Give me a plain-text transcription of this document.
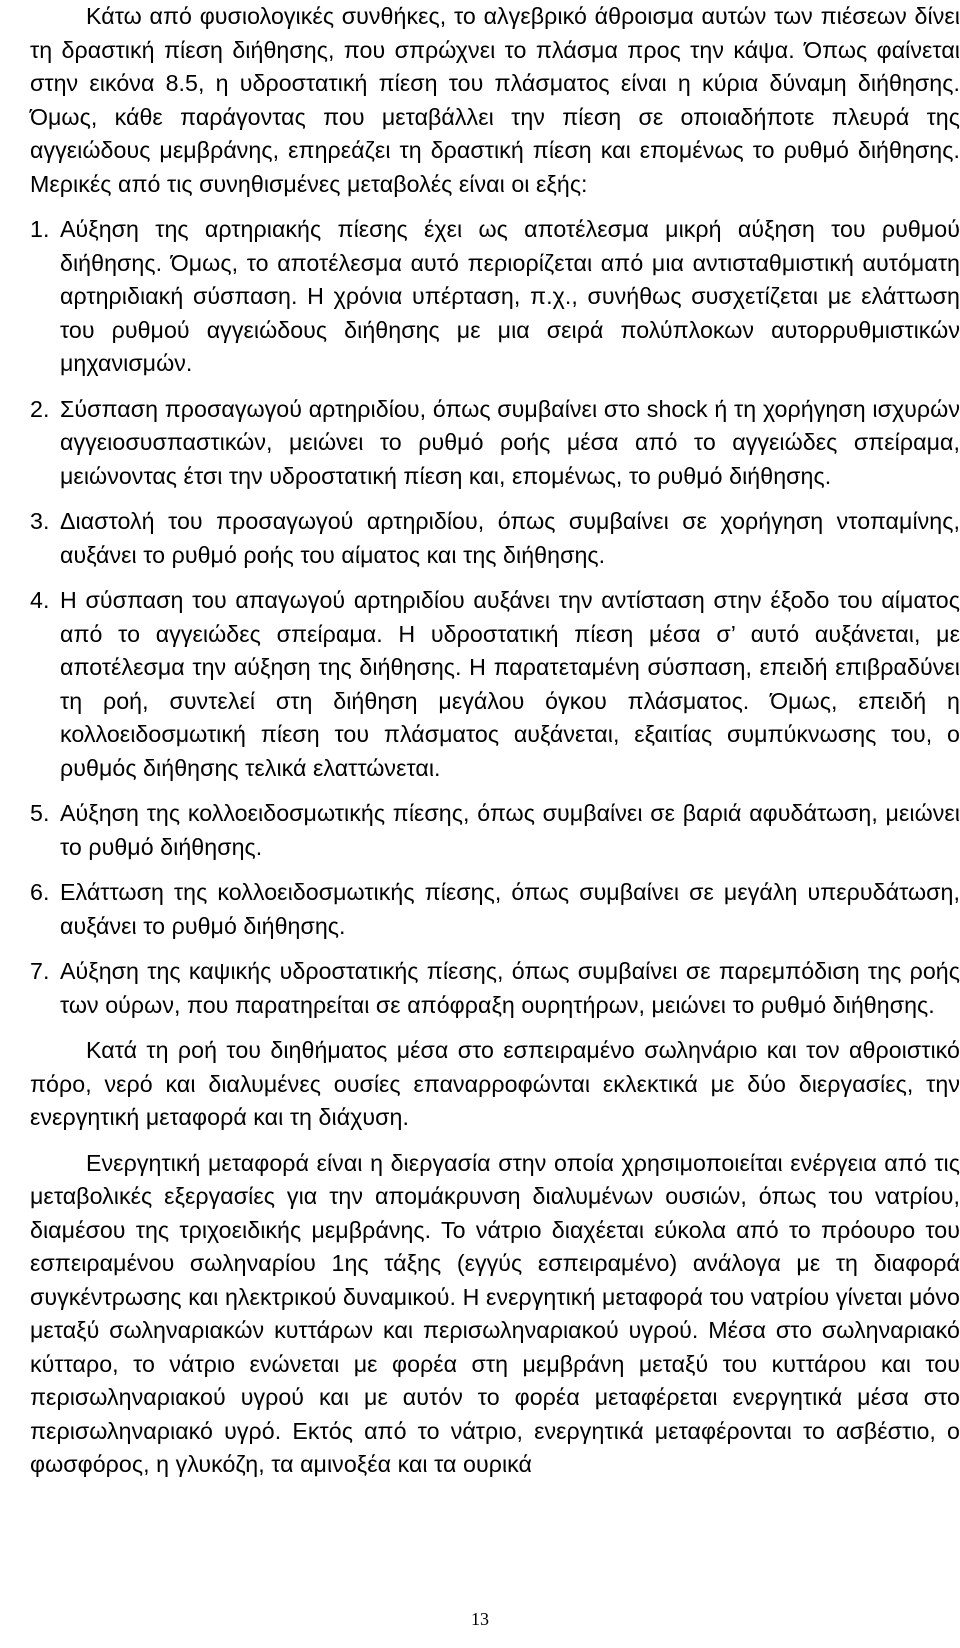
Κάτω από φυσιολογικές συνθήκες, το αλγεβρικό άθροισμα αυτών των πιέσεων δίνει τη δραστική πίεση διήθησης, που σπρώχνει το πλάσμα προς την κάψα. Όπως φαίνεται στην εικόνα 8.5, η υδροστατική πίεση του πλάσματος είναι η κύρια δύναμη διήθησης. Όμως, κάθε παράγοντας που μεταβάλλει την πίεση σε οποιαδήποτε πλευρά της αγγειώδους μεμβράνης, επηρεάζει τη δραστική πίεση και επομένως το ρυθμό διήθησης. Μερικές από τις συνηθισμένες μεταβολές είναι οι εξής:

1. Αύξηση της αρτηριακής πίεσης έχει ως αποτέλεσμα μικρή αύξηση του ρυθμού διήθησης. Όμως, το αποτέλεσμα αυτό περιορίζεται από μια αντισταθμιστική αυτόματη αρτηριδιακή σύσπαση. Η χρόνια υπέρταση, π.χ., συνήθως συσχετίζεται με ελάττωση του ρυθμού αγγειώδους διήθησης με μια σειρά πολύπλοκων αυτορρυθμιστικών μηχανισμών.
2. Σύσπαση προσαγωγού αρτηριδίου, όπως συμβαίνει στο shock ή τη χορήγηση ισχυρών αγγειοσυσπαστικών, μειώνει το ρυθμό ροής μέσα από το αγγειώδες σπείραμα, μειώνοντας έτσι την υδροστατική πίεση και, επομένως, το ρυθμό διήθησης.
3. Διαστολή του προσαγωγού αρτηριδίου, όπως συμβαίνει σε χορήγηση ντοπαμίνης, αυξάνει το ρυθμό ροής του αίματος και της διήθησης.
4. Η σύσπαση του απαγωγού αρτηριδίου αυξάνει την αντίσταση στην έξοδο του αίματος από το αγγειώδες σπείραμα. Η υδροστατική πίεση μέσα σ’ αυτό αυξάνεται, με αποτέλεσμα την αύξηση της διήθησης. Η παρατεταμένη σύσπαση, επειδή επιβραδύνει τη ροή, συντελεί στη διήθηση μεγάλου όγκου πλάσματος. Όμως, επειδή η κολλοειδοσμωτική πίεση του πλάσματος αυξάνεται, εξαιτίας συμπύκνωσης του, ο ρυθμός διήθησης τελικά ελαττώνεται.
5. Αύξηση της κολλοειδοσμωτικής πίεσης, όπως συμβαίνει σε βαριά αφυδάτωση, μειώνει το ρυθμό διήθησης.
6. Ελάττωση της κολλοειδοσμωτικής πίεσης, όπως συμβαίνει σε μεγάλη υπερυδάτωση, αυξάνει το ρυθμό διήθησης.
7. Αύξηση της καψικής υδροστατικής πίεσης, όπως συμβαίνει σε παρεμπόδιση της ροής των ούρων, που παρατηρείται σε απόφραξη ουρητήρων, μειώνει το ρυθμό διήθησης.

Κατά τη ροή του διηθήματος μέσα στο εσπειραμένο σωληνάριο και τον αθροιστικό πόρο, νερό και διαλυμένες ουσίες επαναρροφώνται εκλεκτικά με δύο διεργασίες, την ενεργητική μεταφορά και τη διάχυση.

Ενεργητική μεταφορά είναι η διεργασία στην οποία χρησιμοποιείται ενέργεια από τις μεταβολικές εξεργασίες για την απομάκρυνση διαλυμένων ουσιών, όπως του νατρίου, διαμέσου της τριχοειδικής μεμβράνης. Το νάτριο διαχέεται εύκολα από το πρόουρο του εσπειραμένου σωληναρίου 1ης τάξης (εγγύς εσπειραμένο) ανάλογα με τη διαφορά συγκέντρωσης και ηλεκτρικού δυναμικού. Η ενεργητική μεταφορά του νατρίου γίνεται μόνο μεταξύ σωληναριακών κυττάρων και περισωληναριακού υγρού. Μέσα στο σωληναριακό κύτταρο, το νάτριο ενώνεται με φορέα στη μεμβράνη μεταξύ του κυττάρου και του περισωληναριακού υγρού και με αυτόν το φορέα μεταφέρεται ενεργητικά μέσα στο περισωληναριακό υγρό. Εκτός από το νάτριο, ενεργητικά μεταφέρονται το ασβέστιο, ο φωσφόρος, η γλυκόζη, τα αμινοξέα και τα ουρικά

13
